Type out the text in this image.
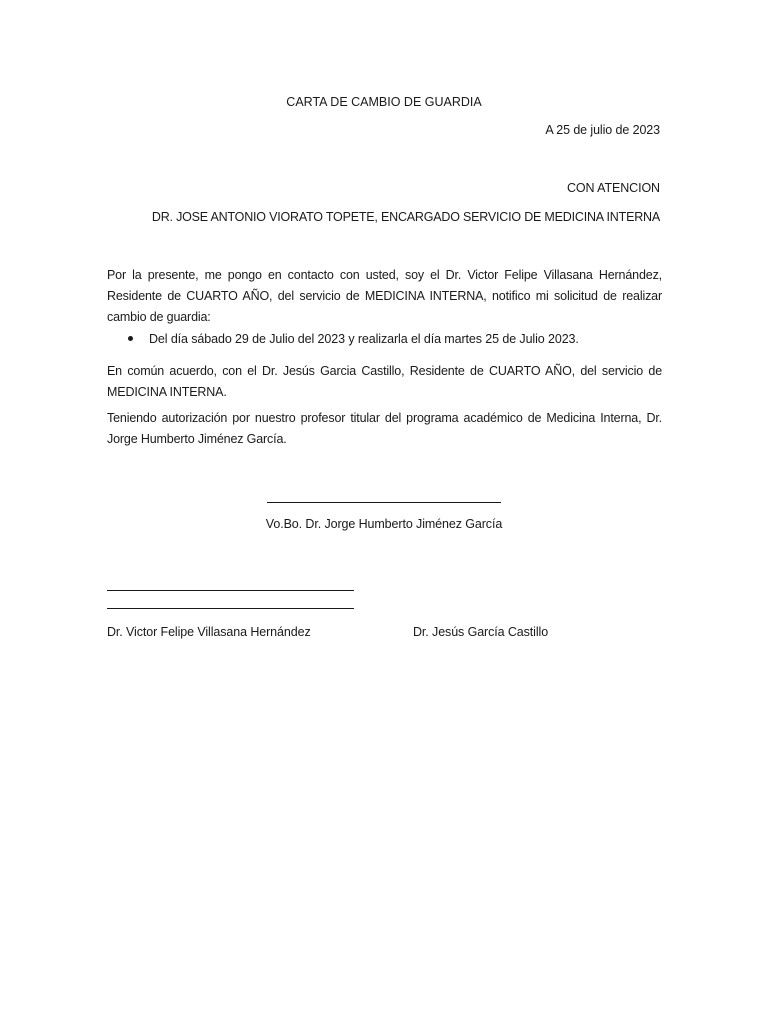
CARTA DE CAMBIO DE GUARDIA
A 25 de julio de 2023
CON ATENCION
DR. JOSE ANTONIO VIORATO TOPETE, ENCARGADO SERVICIO DE MEDICINA INTERNA
Por la presente, me pongo en contacto con usted, soy el Dr. Victor Felipe Villasana Hernández, Residente de CUARTO AÑO, del servicio de MEDICINA INTERNA, notifico mi solicitud de realizar cambio de guardia:
Del día sábado 29 de Julio del 2023 y realizarla el día martes 25 de Julio 2023.
En común acuerdo, con el Dr. Jesús Garcia Castillo, Residente de CUARTO AÑO, del servicio de MEDICINA INTERNA.
Teniendo autorización por nuestro profesor titular del programa académico de Medicina Interna, Dr. Jorge Humberto Jiménez García.
Vo.Bo. Dr. Jorge Humberto Jiménez García
Dr. Victor Felipe Villasana Hernández	Dr. Jesús García Castillo
